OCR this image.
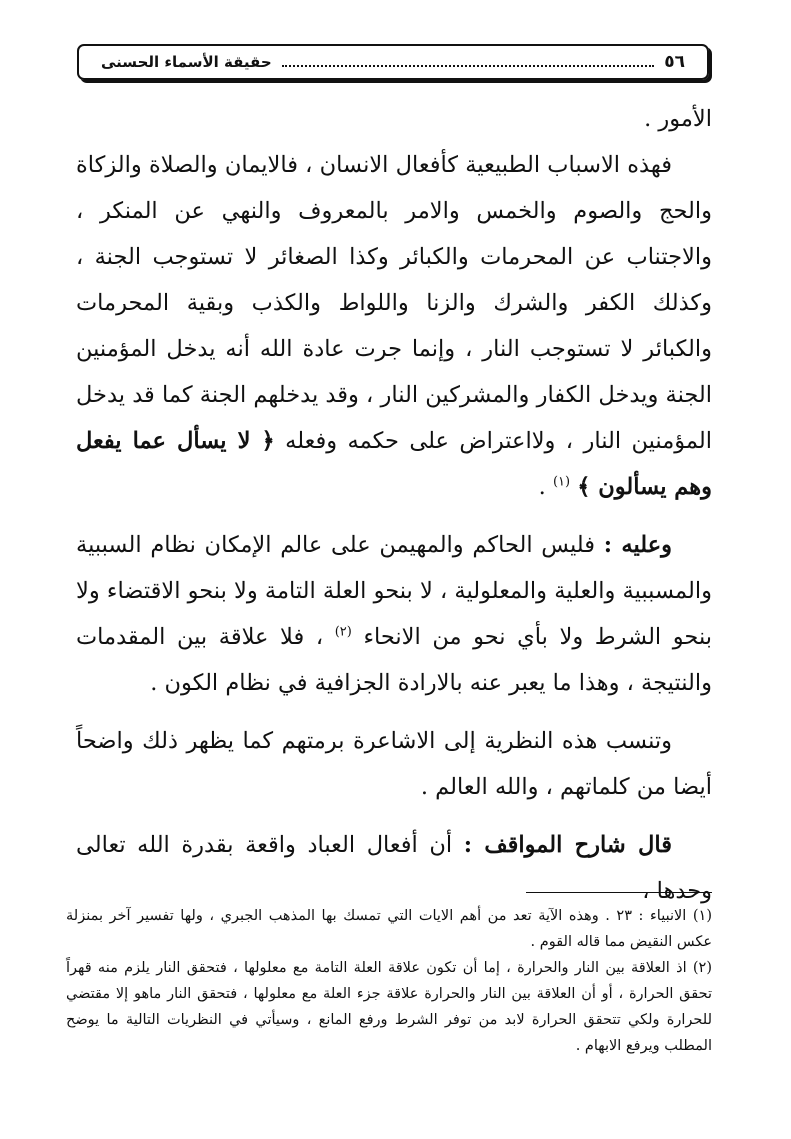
٥٦
حقيقة الأسماء الحسنى

الأمور .

فهذه الاسباب الطبيعية كأفعال الانسان ، فالايمان والصلاة والزكاة والحج والصوم والخمس والامر بالمعروف والنهي عن المنكر ، والاجتناب عن المحرمات والكبائر وكذا الصغائر لا تستوجب الجنة ، وكذلك الكفر والشرك والزنا واللواط والكذب وبقية المحرمات والكبائر لا تستوجب النار ، وإنما جرت عادة الله أنه يدخل المؤمنين الجنة ويدخل الكفار والمشركين النار ، وقد يدخلهم الجنة كما قد يدخل المؤمنين النار ، ولااعتراض على حكمه وفعله ﴿ لا يسأل عما يفعل وهم يسألون ﴾ $^{(١)}$ .

وعليه : فليس الحاكم والمهيمن على عالم الإمكان نظام السببية والمسببية والعلية والمعلولية ، لا بنحو العلة التامة ولا بنحو الاقتضاء ولا بنحو الشرط ولا بأي نحو من الانحاء $^{(٢)}$ ، فلا علاقة بين المقدمات والنتيجة ، وهذا ما يعبر عنه بالارادة الجزافية في نظام الكون .

وتنسب هذه النظرية إلى الاشاعرة برمتهم كما يظهر ذلك واضحاً أيضا من كلماتهم ، والله العالم .

قال شارح المواقف : أن أفعال العباد واقعة بقدرة الله تعالى وحدها ،

(١) الانبياء : ٢٣ . وهذه الآية تعد من أهم الايات التي تمسك بها المذهب الجبري ، ولها تفسير آخر بمنزلة عكس النقيض مما قاله القوم .

(٢) اذ العلاقة بين النار والحرارة ، إما أن تكون علاقة العلة التامة مع معلولها ، فتحقق النار يلزم منه قهراً تحقق الحرارة ، أو أن العلاقة بين النار والحرارة علاقة جزء العلة مع معلولها ، فتحقق النار ماهو إلا مقتضي للحرارة ولكي تتحقق الحرارة لابد من توفر الشرط ورفع المانع ، وسيأتي في النظريات التالية ما يوضح المطلب ويرفع الابهام .
